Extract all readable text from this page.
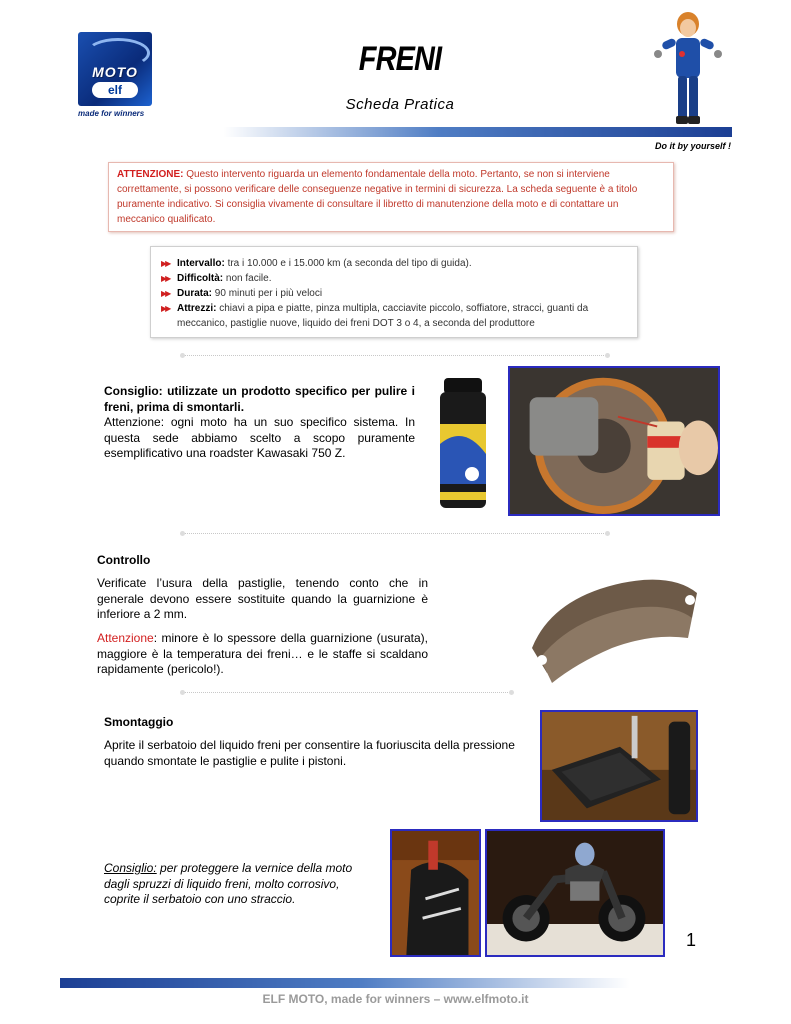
MOTO
elf
made for winners
FRENI
Scheda Pratica
Do it by yourself !
ATTENZIONE: Questo intervento riguarda un elemento fondamentale della moto. Pertanto, se non si interviene correttamente, si possono verificare delle conseguenze negative in termini di sicurezza. La scheda seguente è a titolo puramente indicativo. Si consiglia vivamente di consultare il libretto di manutenzione della moto e di contattare un meccanico qualificato.
▶▶ Intervallo: tra i 10.000 e i 15.000 km (a seconda del tipo di guida).
▶▶ Difficoltà: non facile.
▶▶ Durata: 90 minuti per i più veloci
▶▶ Attrezzi: chiavi a pipa e piatte, pinza multipla, cacciavite piccolo, soffiatore, stracci, guanti da meccanico, pastiglie nuove, liquido dei freni DOT 3 o 4, a seconda del produttore
Consiglio: utilizzate un prodotto specifico per pulire i freni, prima di smontarli.
Attenzione: ogni moto ha un suo specifico sistema. In questa sede abbiamo scelto a scopo puramente esemplificativo una roadster Kawasaki 750 Z.
Controllo
Verificate l’usura della pastiglie, tenendo conto che in generale devono essere sostituite quando la guarnizione è inferiore a 2 mm.
Attenzione: minore è lo spessore della guarnizione (usurata), maggiore è la temperatura dei freni… e le staffe si scaldano rapidamente (pericolo!).
Smontaggio
Aprite il serbatoio del liquido freni per consentire la fuoriuscita della pressione quando smontate le pastiglie e pulite i pistoni.
Consiglio: per proteggere la vernice della moto dagli spruzzi di liquido freni, molto corrosivo, coprite il serbatoio con uno straccio.
1
ELF MOTO, made for winners – www.elfmoto.it
